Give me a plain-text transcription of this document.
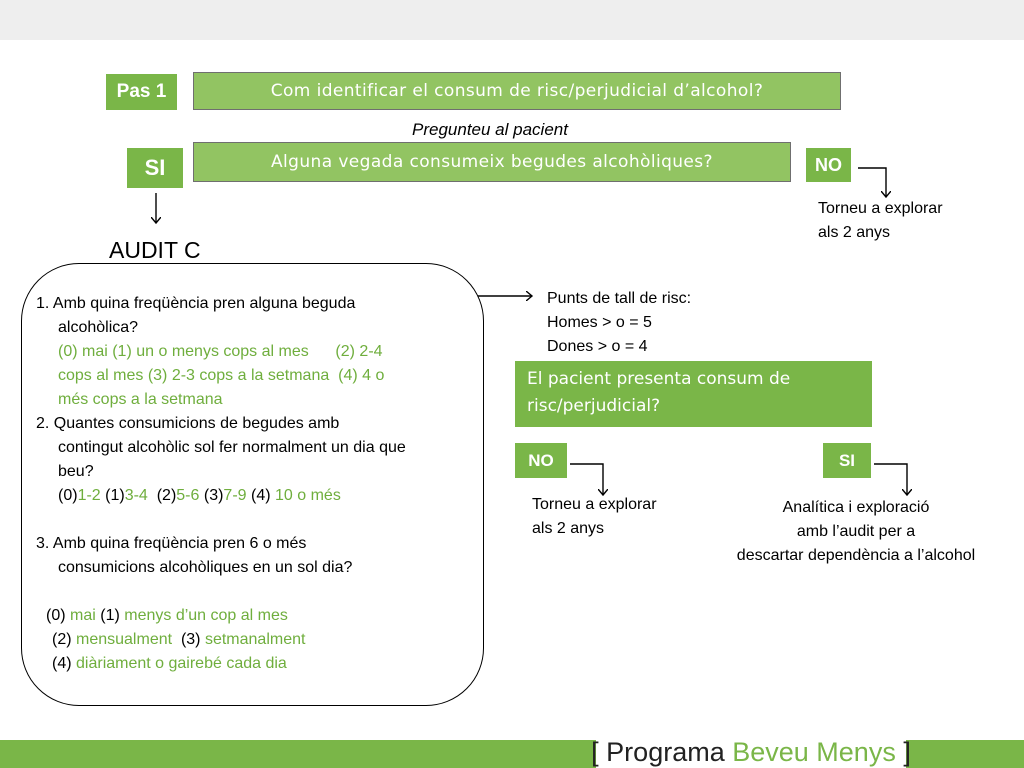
Pas 1	Com identificar el consum de risc/perjudicial d’alcohol?
Pregunteu al pacient
SI	Alguna vegada consumeix begudes alcohòliques?	NO
Torneu a explorar
als 2 anys
AUDIT C
1. Amb quina freqüència pren alguna beguda
alcohòlica?
(0) mai (1) un o menys cops al mes      (2) 2-4
cops al mes (3) 2-3 cops a la setmana  (4) 4 o
més cops a la setmana
2. Quantes consumicions de begudes amb
contingut alcohòlic sol fer normalment un dia que
beu?
(0)1-2 (1)3-4 (2)5-6 (3)7-9 (4) 10 o més
3. Amb quina freqüència pren 6 o més
consumicions alcohòliques en un sol dia?
(0) mai (1) menys d’un cop al mes
(2) mensualment  (3) setmanalment
(4) diàriament o gairebé cada dia
Punts de tall de risc:
Homes > o = 5
Dones > o = 4
El pacient presenta consum de
risc/perjudicial?
NO	SI
Torneu a explorar
als 2 anys
Analítica i exploració
amb l’audit per a
descartar dependència a l’alcohol
[
Programa
Beveu Menys
]
